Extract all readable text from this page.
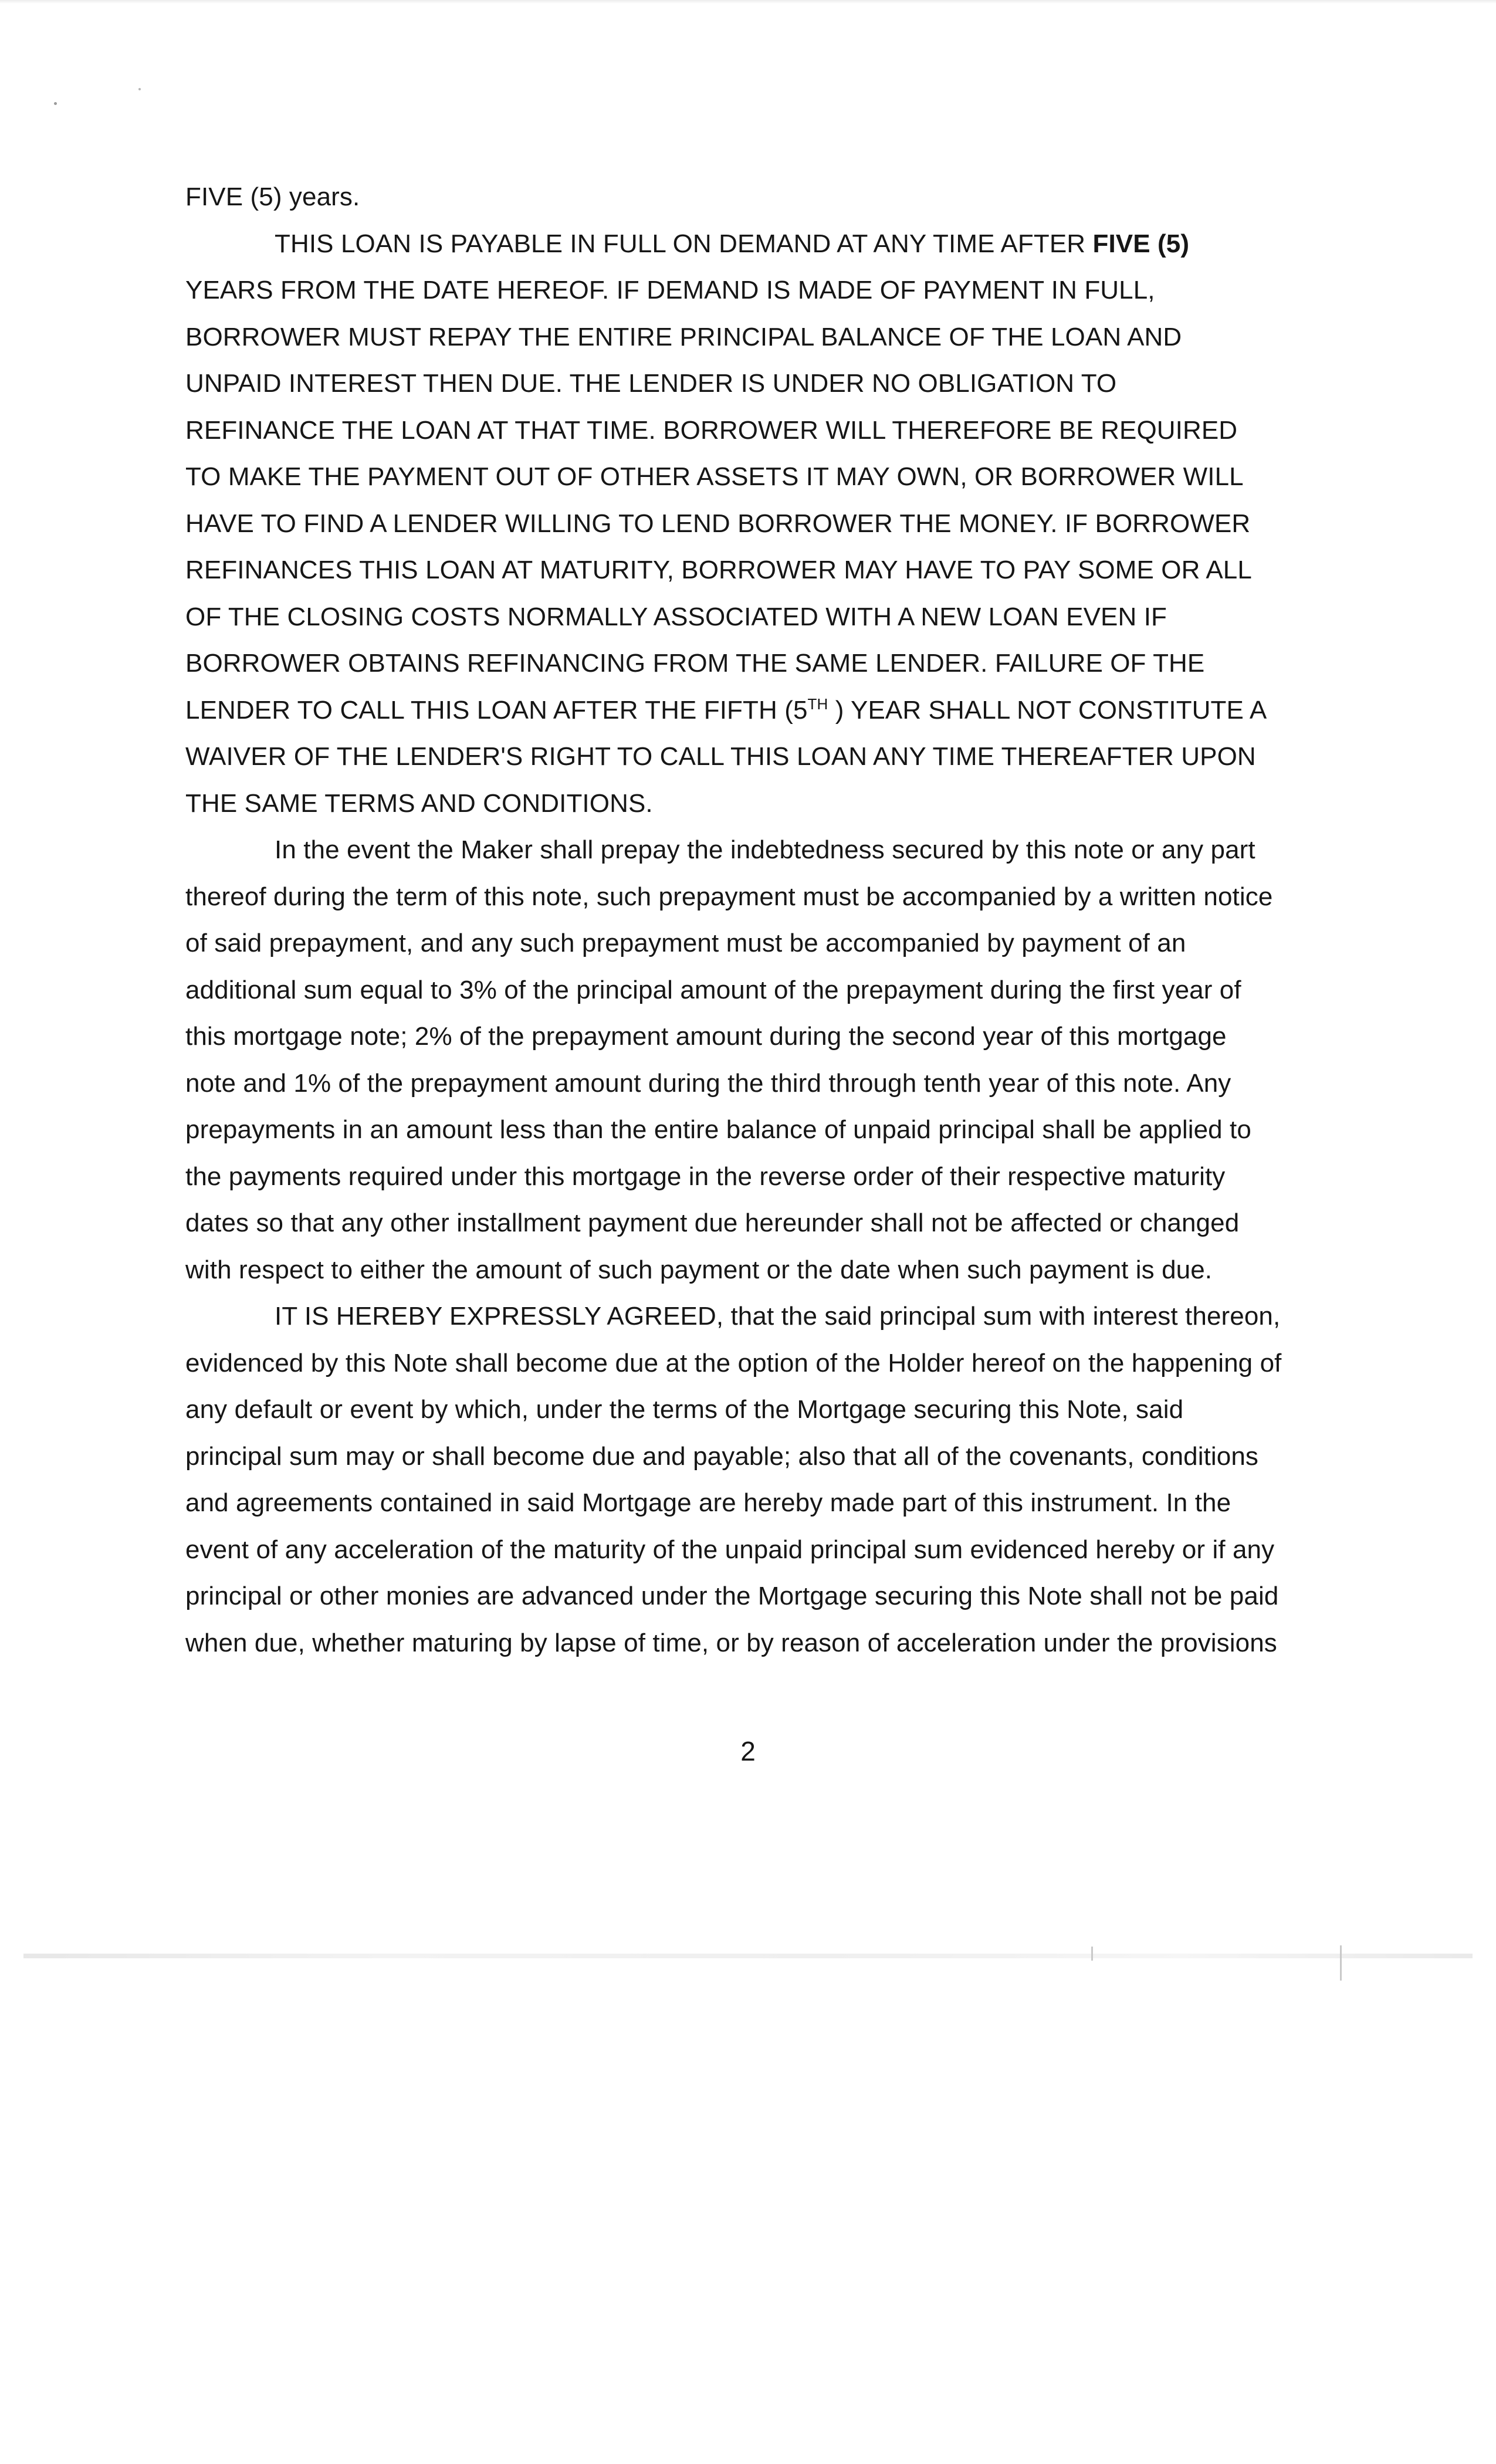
FIVE (5) years.

THIS LOAN IS PAYABLE IN FULL ON DEMAND AT ANY TIME AFTER FIVE (5)
YEARS FROM THE DATE HEREOF. IF DEMAND IS MADE OF PAYMENT IN FULL,
BORROWER MUST REPAY THE ENTIRE PRINCIPAL BALANCE OF THE LOAN AND
UNPAID INTEREST THEN DUE. THE LENDER IS UNDER NO OBLIGATION TO
REFINANCE THE LOAN AT THAT TIME. BORROWER WILL THEREFORE BE REQUIRED
TO MAKE THE PAYMENT OUT OF OTHER ASSETS IT MAY OWN, OR BORROWER WILL
HAVE TO FIND A LENDER WILLING TO LEND BORROWER THE MONEY. IF BORROWER
REFINANCES THIS LOAN AT MATURITY, BORROWER MAY HAVE TO PAY SOME OR ALL
OF THE CLOSING COSTS NORMALLY ASSOCIATED WITH A NEW LOAN EVEN IF
BORROWER OBTAINS REFINANCING FROM THE SAME LENDER. FAILURE OF THE
LENDER TO CALL THIS LOAN AFTER THE FIFTH (5TH ) YEAR SHALL NOT CONSTITUTE A
WAIVER OF THE LENDER'S RIGHT TO CALL THIS LOAN ANY TIME THEREAFTER UPON
THE SAME TERMS AND CONDITIONS.

In the event the Maker shall prepay the indebtedness secured by this note or any part
thereof during the term of this note, such prepayment must be accompanied by a written notice
of said prepayment, and any such prepayment must be accompanied by payment of an
additional sum equal to 3% of the principal amount of the prepayment during the first year of
this mortgage note; 2% of the prepayment amount during the second year of this mortgage
note and 1% of the prepayment amount during the third through tenth year of this note. Any
prepayments in an amount less than the entire balance of unpaid principal shall be applied to
the payments required under this mortgage in the reverse order of their respective maturity
dates so that any other installment payment due hereunder shall not be affected or changed
with respect to either the amount of such payment or the date when such payment is due.

IT IS HEREBY EXPRESSLY AGREED, that the said principal sum with interest thereon,
evidenced by this Note shall become due at the option of the Holder hereof on the happening of
any default or event by which, under the terms of the Mortgage securing this Note, said
principal sum may or shall become due and payable; also that all of the covenants, conditions
and agreements contained in said Mortgage are hereby made part of this instrument. In the
event of any acceleration of the maturity of the unpaid principal sum evidenced hereby or if any
principal or other monies are advanced under the Mortgage securing this Note shall not be paid
when due, whether maturing by lapse of time, or by reason of acceleration under the provisions

2
